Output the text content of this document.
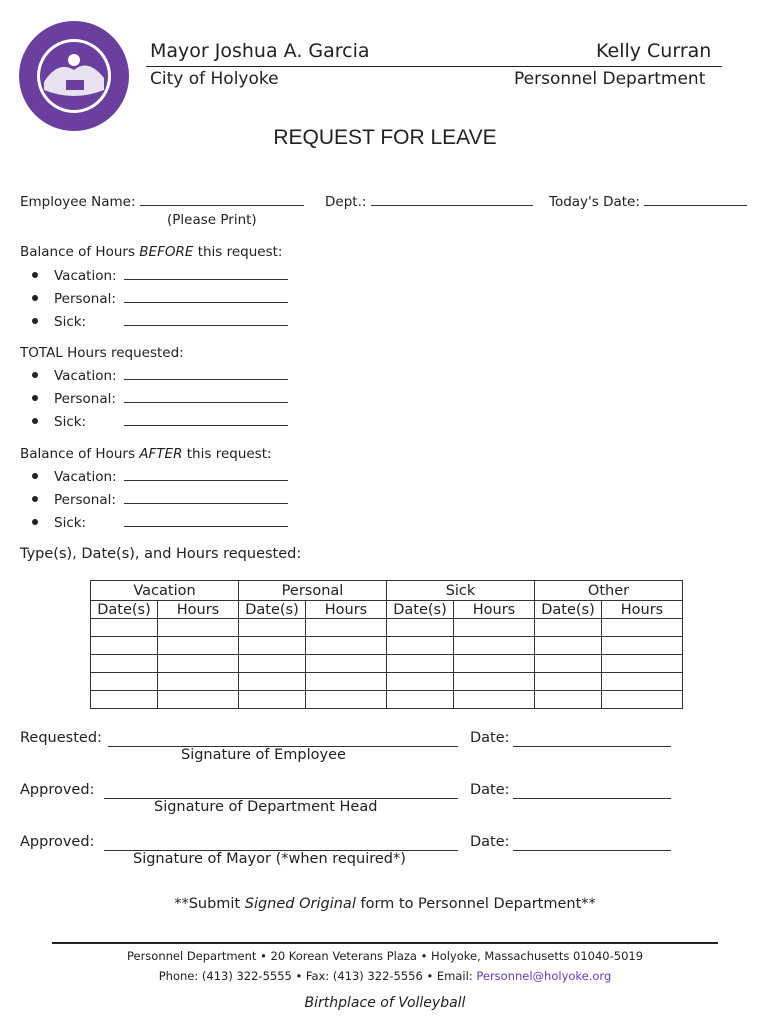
Mayor Joshua A. Garcia	Kelly Curran
City of Holyoke	Personnel Department
REQUEST FOR LEAVE
Employee Name:	Dept.:	Today's Date:
(Please Print)
Balance of Hours BEFORE this request:
Vacation:
Personal:
Sick:
TOTAL Hours requested:
Vacation:
Personal:
Sick:
Balance of Hours AFTER this request:
Vacation:
Personal:
Sick:
Type(s), Date(s), and Hours requested:
Vacation		Personal		Sick		Other	
Date(s)	Hours	Date(s)	Hours	Date(s)	Hours	Date(s)	Hours

Requested:	Date:
Signature of Employee
Approved:	Date:
Signature of Department Head
Approved:	Date:
Signature of Mayor (*when required*)
**Submit Signed Original form to Personnel Department**
Personnel Department • 20 Korean Veterans Plaza • Holyoke, Massachusetts 01040-5019
Phone: (413) 322-5555 • Fax: (413) 322-5556 • Email: Personnel@holyoke.org
Birthplace of Volleyball
